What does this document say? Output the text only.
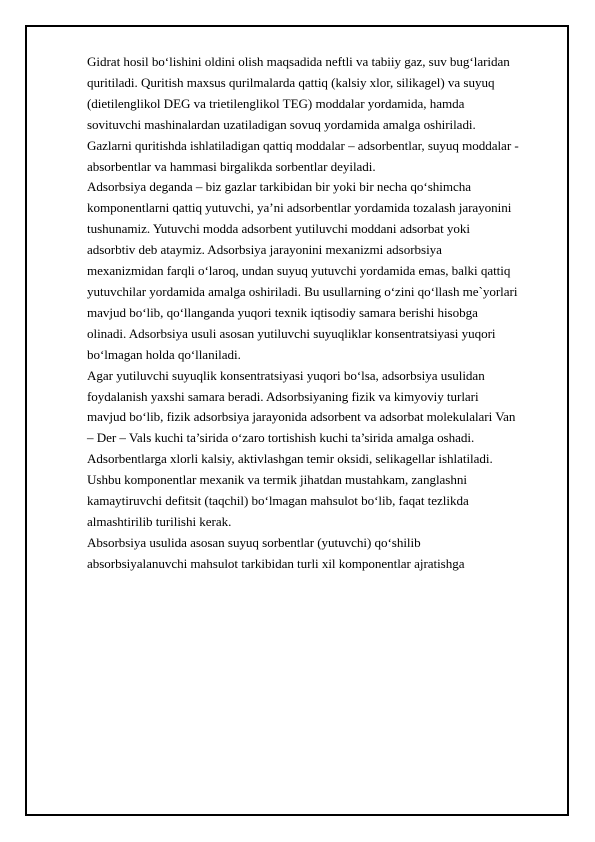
Gidrat hosil bo‘lishini oldini olish maqsadida neftli va tabiiy gaz, suv bug‘laridan
quritiladi. Quritish maxsus qurilmalarda qattiq (kalsiy xlor, silikagel) va suyuq
(dietilenglikol DEG va trietilenglikol TEG) moddalar yordamida, hamda
sovituvchi mashinalardan uzatiladigan sovuq yordamida amalga oshiriladi.
Gazlarni quritishda ishlatiladigan qattiq moddalar – adsorbentlar, suyuq moddalar -
absorbentlar va hammasi birgalikda sorbentlar deyiladi.
Adsorbsiya deganda – biz gazlar tarkibidan bir yoki bir necha qo‘shimcha
komponentlarni qattiq yutuvchi, ya’ni adsorbentlar yordamida tozalash jarayonini
tushunamiz. Yutuvchi modda adsorbent yutiluvchi moddani adsorbat yoki
adsorbtiv deb ataymiz. Adsorbsiya jarayonini mexanizmi adsorbsiya
mexanizmidan farqli o‘laroq, undan suyuq yutuvchi yordamida emas, balki qattiq
yutuvchilar yordamida amalga oshiriladi. Bu usullarning o‘zini qo‘llash me`yorlari
mavjud bo‘lib, qo‘llanganda yuqori texnik iqtisodiy samara berishi hisobga
olinadi. Adsorbsiya usuli asosan yutiluvchi suyuqliklar konsentratsiyasi yuqori
bo‘lmagan holda qo‘llaniladi.
Agar yutiluvchi suyuqlik konsentratsiyasi yuqori bo‘lsa, adsorbsiya usulidan
foydalanish yaxshi samara beradi. Adsorbsiyaning fizik va kimyoviy turlari
mavjud bo‘lib, fizik adsorbsiya jarayonida adsorbent va adsorbat molekulalari Van
– Der – Vals kuchi ta’sirida o‘zaro tortishish kuchi ta’sirida amalga oshadi.
Adsorbentlarga xlorli kalsiy, aktivlashgan temir oksidi, selikagellar ishlatiladi.
Ushbu komponentlar mexanik va termik jihatdan mustahkam, zanglashni
kamaytiruvchi defitsit (taqchil) bo‘lmagan mahsulot bo‘lib, faqat tezlikda
almashtirilib turilishi kerak.
Absorbsiya usulida asosan suyuq sorbentlar (yutuvchi) qo‘shilib
absorbsiyalanuvchi mahsulot tarkibidan turli xil komponentlar ajratishga
